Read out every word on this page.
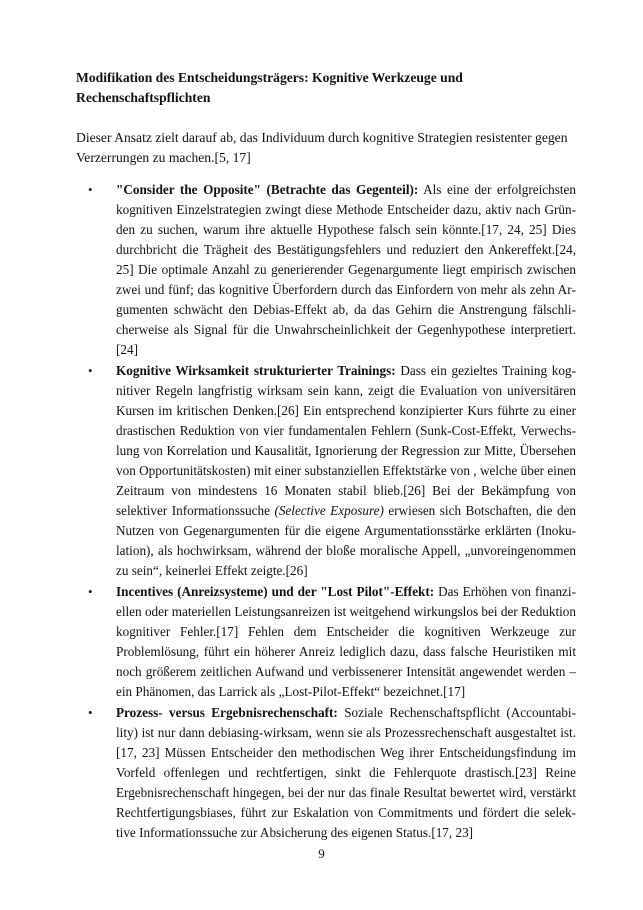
Modifikation des Entscheidungsträgers: Kognitive Werkzeuge und Rechenschaftspflichten
Dieser Ansatz zielt darauf ab, das Individuum durch kognitive Strategien resistenter gegen Verzerrungen zu machen.[5, 17]
• "Consider the Opposite" (Betrachte das Gegenteil): Als eine der erfolgreichsten kognitiven Einzelstrategien zwingt diese Methode Entscheider dazu, aktiv nach Gründen zu suchen, warum ihre aktuelle Hypothese falsch sein könnte.[17, 24, 25] Dies durchbricht die Trägheit des Bestätigungsfehlers und reduziert den Ankereffekt.[24, 25] Die optimale Anzahl zu generierender Gegenargumente liegt empirisch zwischen zwei und fünf; das kognitive Überfordern durch das Einfordern von mehr als zehn Argumenten schwächt den Debias-Effekt ab, da das Gehirn die Anstrengung fälschlicherweise als Signal für die Unwahrscheinlichkeit der Gegenhypothese interpretiert.[24]
• Kognitive Wirksamkeit strukturierter Trainings: Dass ein gezieltes Training kognitiver Regeln langfristig wirksam sein kann, zeigt die Evaluation von universitären Kursen im kritischen Denken.[26] Ein entsprechend konzipierter Kurs führte zu einer drastischen Reduktion von vier fundamentalen Fehlern (Sunk-Cost-Effekt, Verwechslung von Korrelation und Kausalität, Ignorierung der Regression zur Mitte, Übersehen von Opportunitätskosten) mit einer substanziellen Effektstärke von , welche über einen Zeitraum von mindestens 16 Monaten stabil blieb.[26] Bei der Bekämpfung von selektiver Informationssuche (Selective Exposure) erwiesen sich Botschaften, die den Nutzen von Gegenargumenten für die eigene Argumentationsstärke erklärten (Inokulation), als hochwirksam, während der bloße moralische Appell, „unvoreingenommen zu sein“, keinerlei Effekt zeigte.[26]
• Incentives (Anreizsysteme) und der "Lost Pilot"-Effekt: Das Erhöhen von finanziellen oder materiellen Leistungsanreizen ist weitgehend wirkungslos bei der Reduktion kognitiver Fehler.[17] Fehlen dem Entscheider die kognitiven Werkzeuge zur Problemlösung, führt ein höherer Anreiz lediglich dazu, dass falsche Heuristiken mit noch größerem zeitlichen Aufwand und verbissenerer Intensität angewendet werden – ein Phänomen, das Larrick als „Lost-Pilot-Effekt“ bezeichnet.[17]
• Prozess- versus Ergebnisrechenschaft: Soziale Rechenschaftspflicht (Accountability) ist nur dann debiasing-wirksam, wenn sie als Prozessrechenschaft ausgestaltet ist.[17, 23] Müssen Entscheider den methodischen Weg ihrer Entscheidungsfindung im Vorfeld offenlegen und rechtfertigen, sinkt die Fehlerquote drastisch.[23] Reine Ergebnisrechenschaft hingegen, bei der nur das finale Resultat bewertet wird, verstärkt Rechtfertigungsbiases, führt zur Eskalation von Commitments und fördert die selektive Informationssuche zur Absicherung des eigenen Status.[17, 23]
9
